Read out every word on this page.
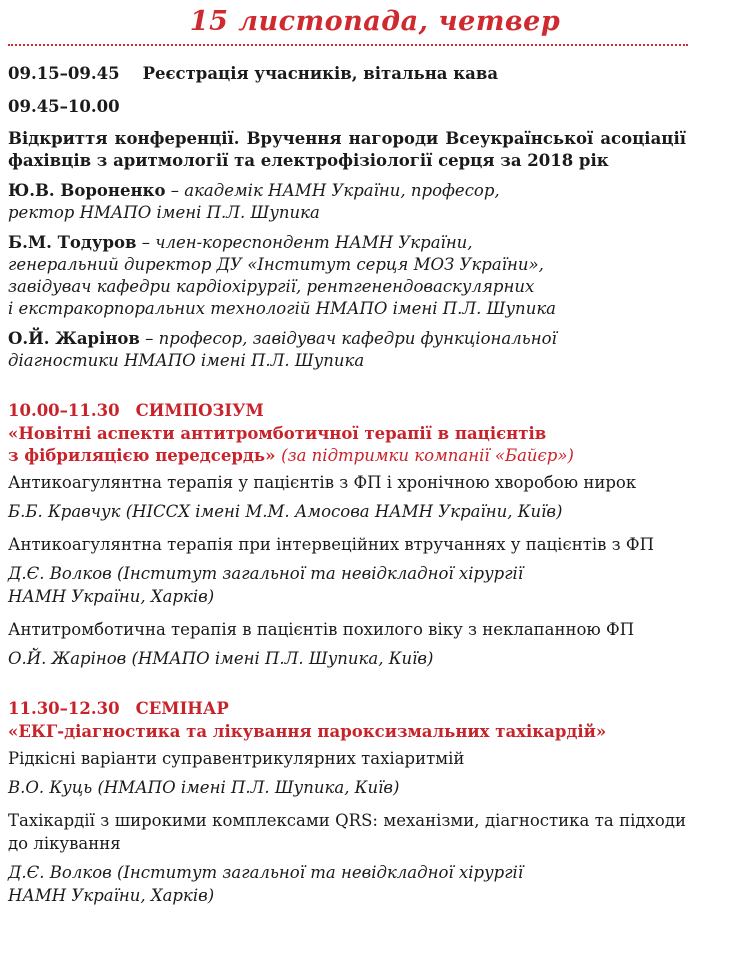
15 листопада, четвер

09.15–09.45 Реєстрація учасників, вітальна кава

09.45–10.00

Відкриття конференції. Вручення нагороди Всеукраїнської асоціації фахівців з аритмології та електрофізіології серця за 2018 рік

Ю.В. Вороненко – академік НАМН України, професор,
ректор НМАПО імені П.Л. Шупика
Б.М. Тодуров – член-кореспондент НАМН України,
генеральний директор ДУ «Інститут серця МОЗ України»,
завідувач кафедри кардіохірургії, рентгенендоваскулярних
і екстракорпоральних технологій НМАПО імені П.Л. Шупика
О.Й. Жарінов – професор, завідувач кафедри функціональної
діагностики НМАПО імені П.Л. Шупика
10.00–11.30 СИМПОЗІУМ
«Новітні аспекти антитромботичної терапії в пацієнтів
з фібриляцією передсердь» (за підтримки компанії «Байєр»)
Антикоагулянтна терапія у пацієнтів з ФП і хронічною хворобою нирок
Б.Б. Кравчук (НІССХ імені М.М. Амосова НАМН України, Київ)
Антикоагулянтна терапія при інтервеційних втручаннях у пацієнтів з ФП
Д.Є. Волков (Інститут загальної та невідкладної хірургії
НАМН України, Харків)
Антитромботична терапія в пацієнтів похилого віку з неклапанною ФП
О.Й. Жарінов (НМАПО імені П.Л. Шупика, Київ)
11.30–12.30 СЕМІНАР
«ЕКГ-діагностика та лікування пароксизмальних тахікардій»
Рідкісні варіанти суправентрикулярних тахіаритмій
В.О. Куць (НМАПО імені П.Л. Шупика, Київ)
Тахікардії з широкими комплексами QRS: механізми, діагностика та підходи до лікування
Д.Є. Волков (Інститут загальної та невідкладної хірургії
НАМН України, Харків)
